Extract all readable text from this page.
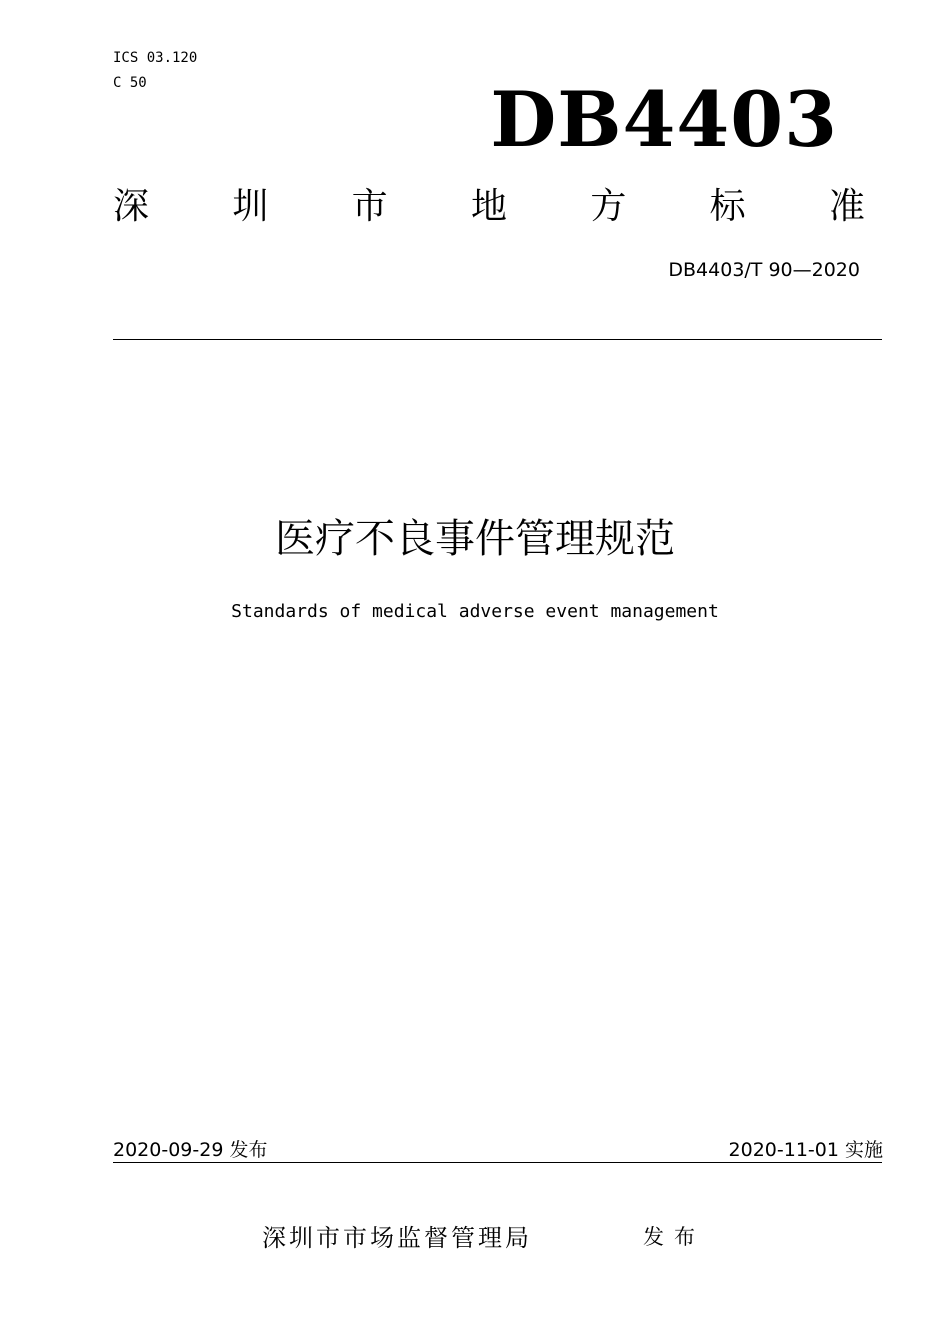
ICS 03.120
C 50	DB4403
深 圳 市 地 方 标 准
DB4403/T 90—2020
医疗不良事件管理规范
Standards of medical adverse event management
2020-09-29 发布	2020-11-01 实施
深圳市市场监督管理局	发布
